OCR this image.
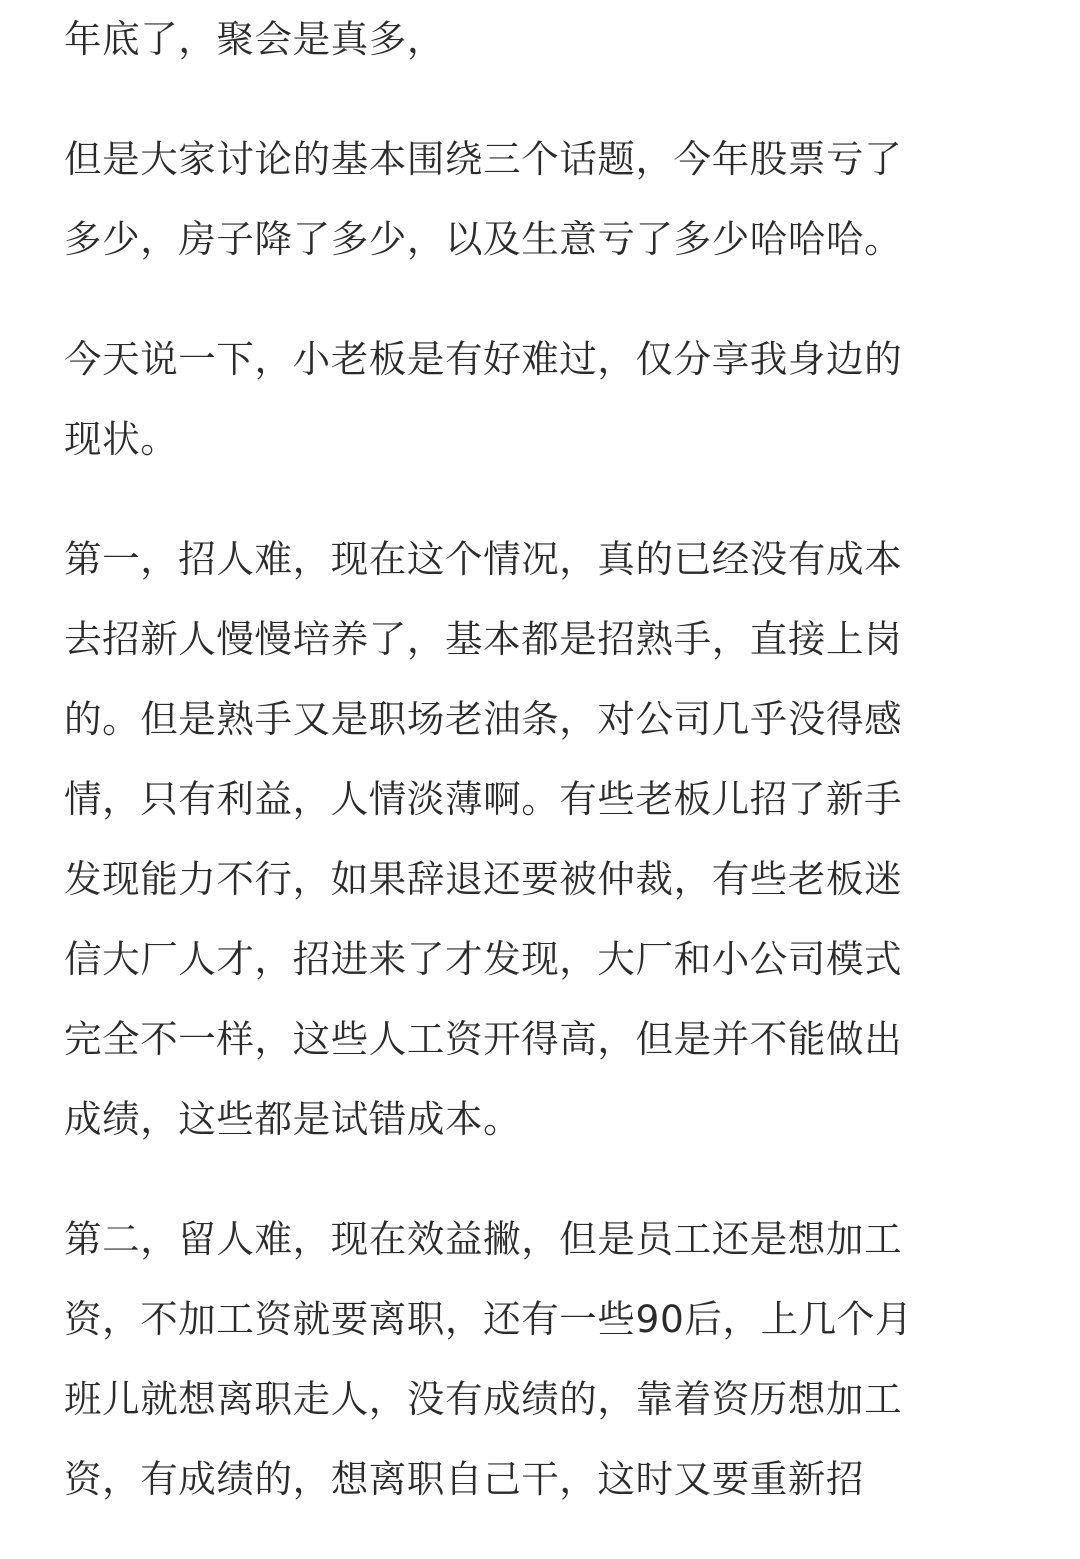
年底了，聚会是真多，

但是大家讨论的基本围绕三个话题，今年股票亏了
多少，房子降了多少，以及生意亏了多少哈哈哈。

今天说一下，小老板是有好难过，仅分享我身边的
现状。

第一，招人难，现在这个情况，真的已经没有成本
去招新人慢慢培养了，基本都是招熟手，直接上岗
的。但是熟手又是职场老油条，对公司几乎没得感
情，只有利益，人情淡薄啊。有些老板儿招了新手
发现能力不行，如果辞退还要被仲裁，有些老板迷
信大厂人才，招进来了才发现，大厂和小公司模式
完全不一样，这些人工资开得高，但是并不能做出
成绩，这些都是试错成本。

第二，留人难，现在效益撇，但是员工还是想加工
资，不加工资就要离职，还有一些90后，上几个月
班儿就想离职走人，没有成绩的，靠着资历想加工
资，有成绩的，想离职自己干，这时又要重新招
